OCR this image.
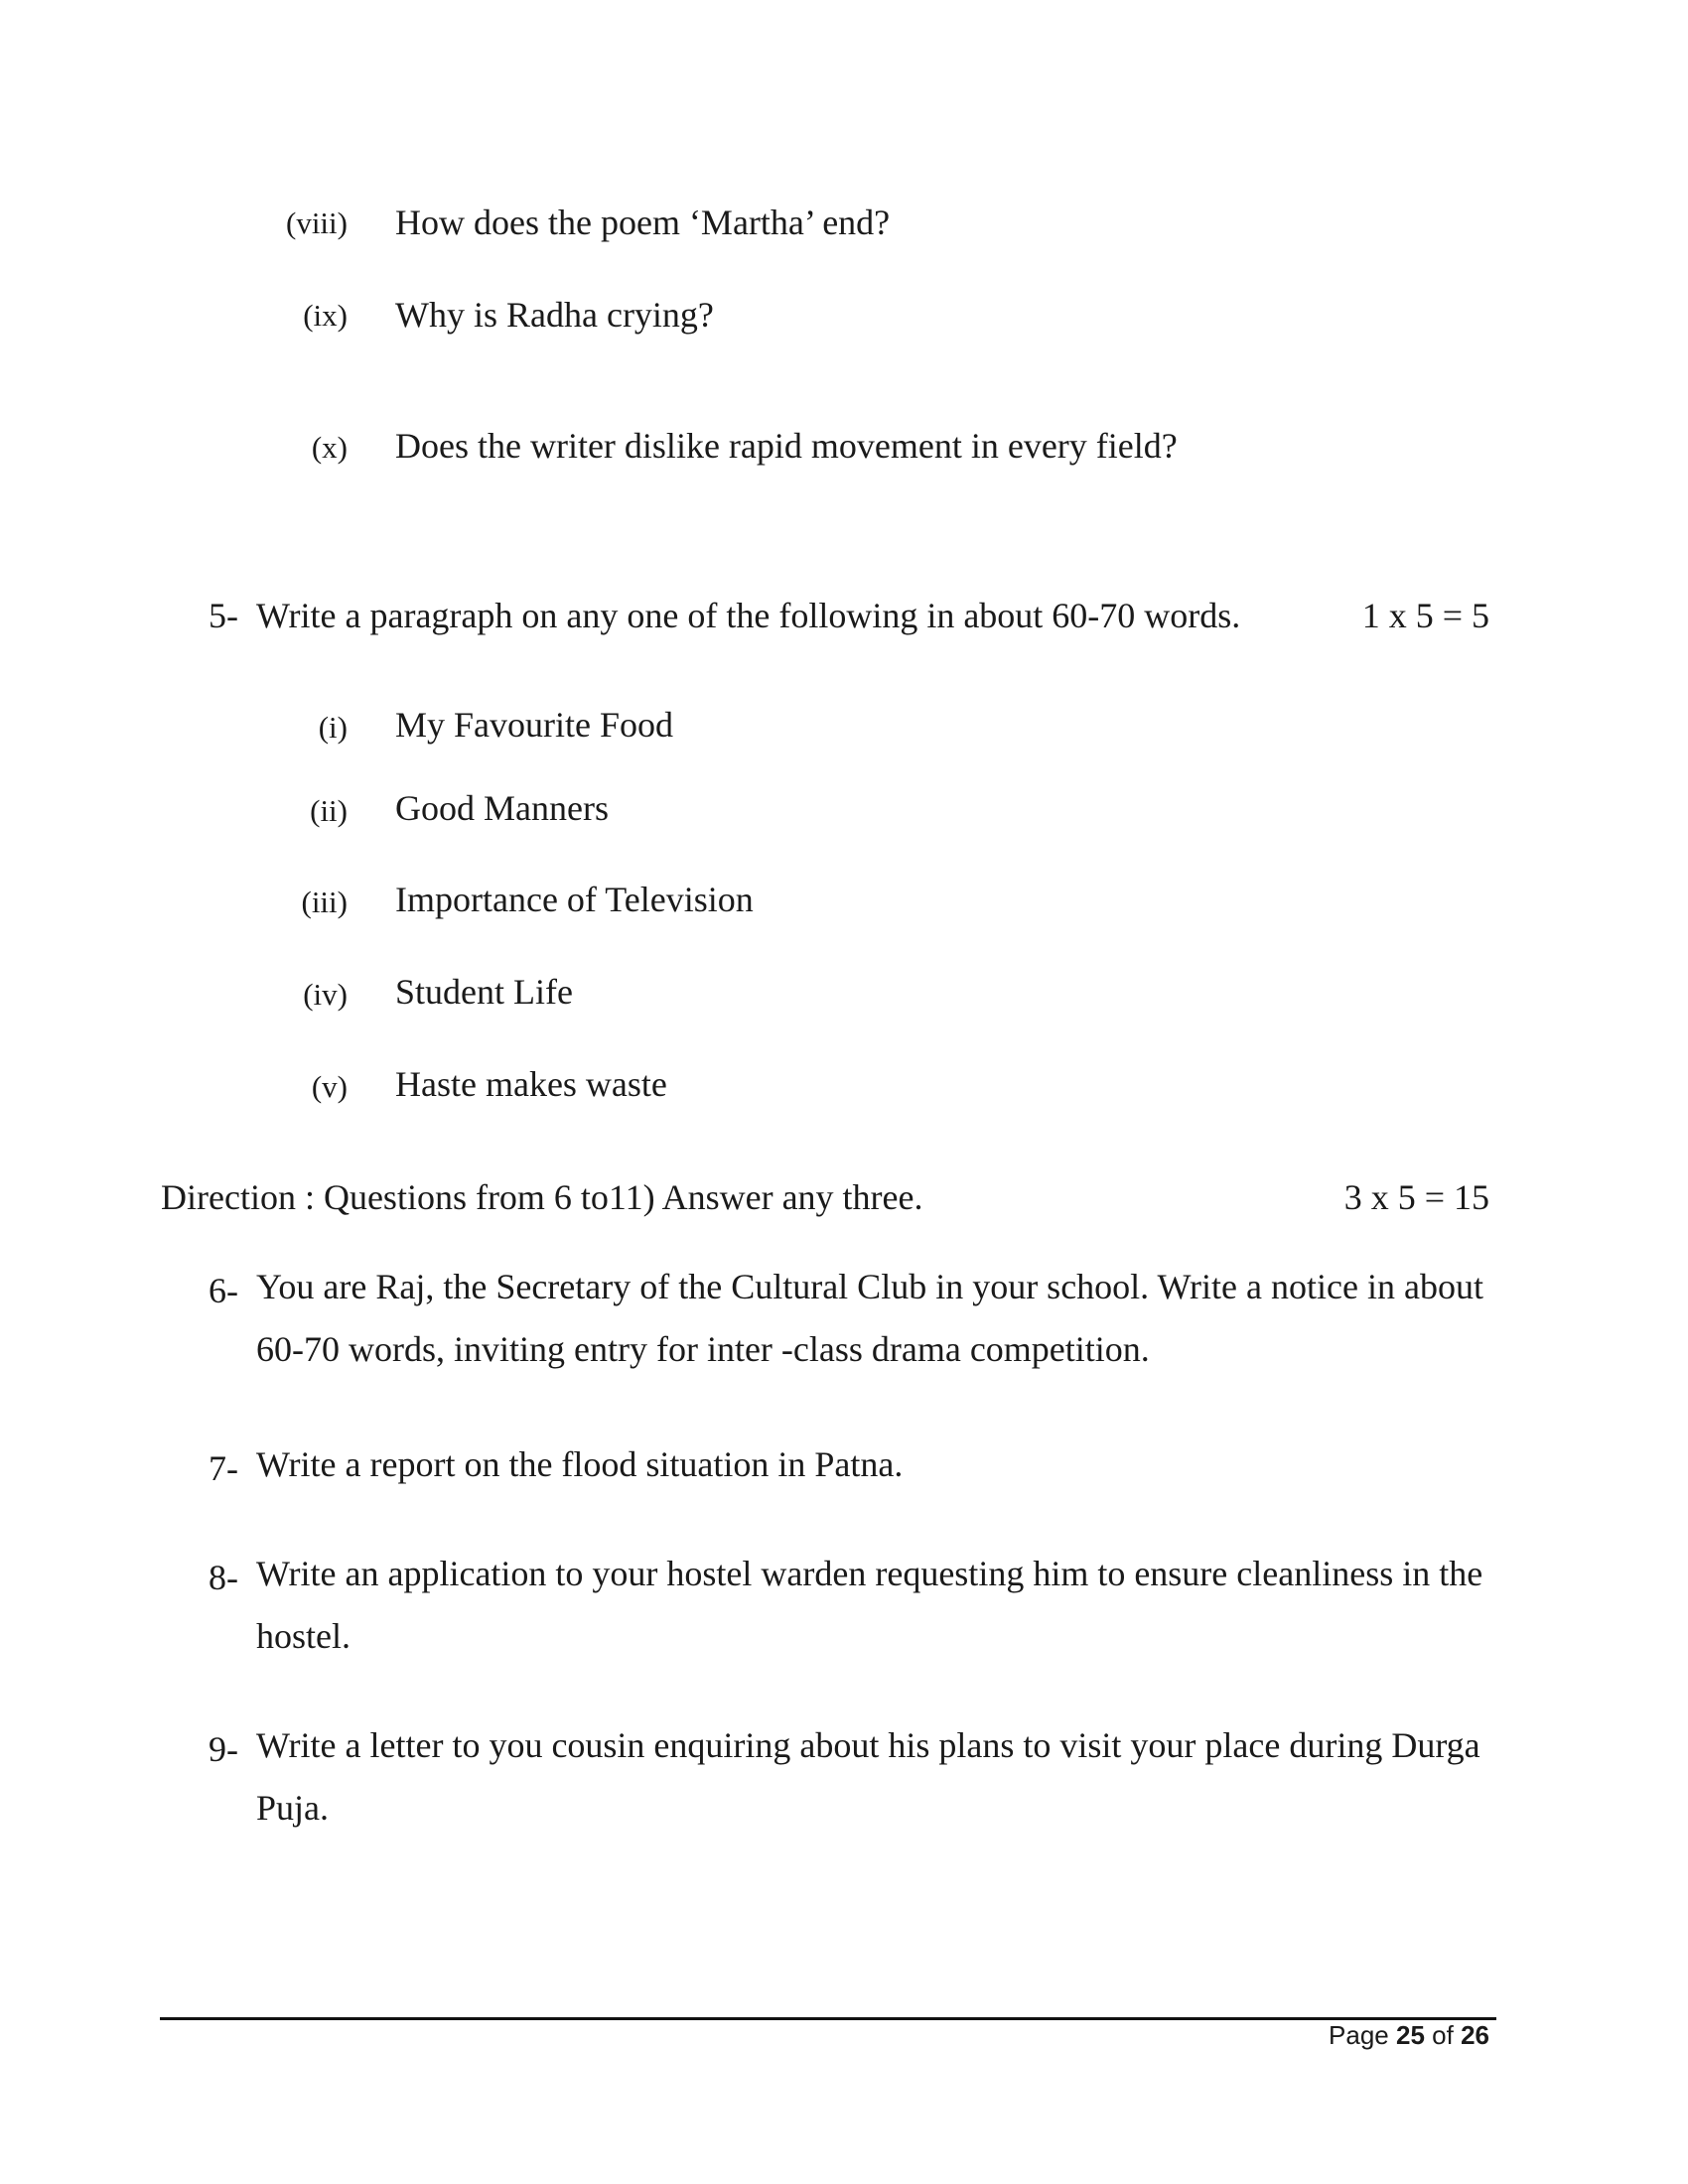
(viii) How does the poem ‘Martha’ end?
(ix) Why is Radha crying?
(x) Does the writer dislike rapid movement in every field?
5- Write a paragraph on any one of the following in about 60-70 words.	1 x 5 = 5
(i) My Favourite Food
(ii) Good Manners
(iii) Importance of Television
(iv) Student Life
(v) Haste makes waste
Direction : Questions from 6 to11) Answer any three.	3 x 5 = 15
6- You are Raj, the Secretary of the Cultural Club in your school. Write a notice in about 60-70 words, inviting entry for inter -class drama competition.
7- Write a report on the flood situation in Patna.
8- Write an application to your hostel warden requesting him to ensure cleanliness in the hostel.
9- Write a letter to you cousin enquiring about his plans to visit your place during Durga Puja.
Page 25 of 26
